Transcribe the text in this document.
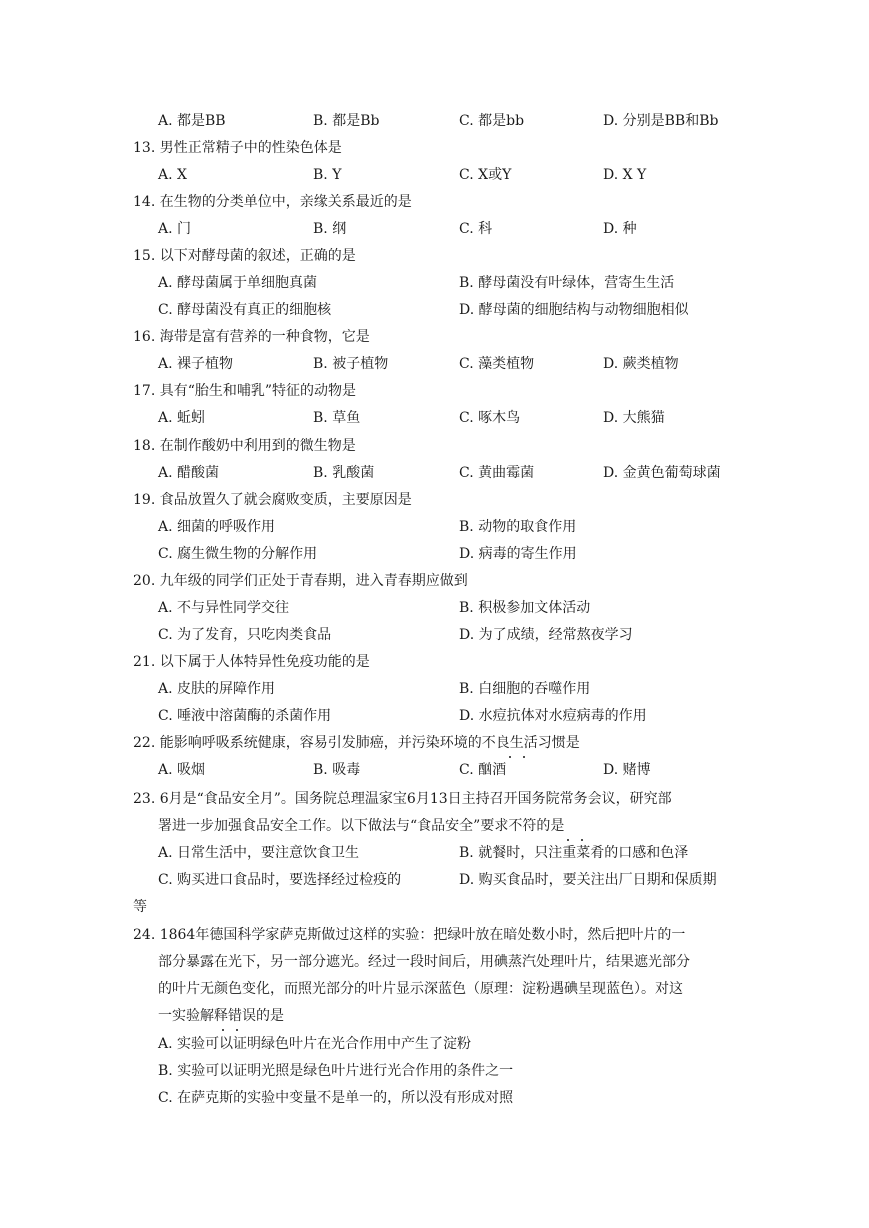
A. 都是BB	B. 都是Bb	C. 都是bb	D. 分别是BB和Bb
13. 男性正常精子中的性染色体是
A. X	B. Y	C. X或Y	D. X Y
14. 在生物的分类单位中，亲缘关系最近的是
A. 门	B. 纲	C. 科	D. 种
15. 以下对酵母菌的叙述，正确的是
A. 酵母菌属于单细胞真菌	B. 酵母菌没有叶绿体，营寄生生活
C. 酵母菌没有真正的细胞核	D. 酵母菌的细胞结构与动物细胞相似
16. 海带是富有营养的一种食物，它是
A. 裸子植物	B. 被子植物	C. 藻类植物	D. 蕨类植物
17. 具有“胎生和哺乳”特征的动物是
A. 蚯蚓	B. 草鱼	C. 啄木鸟	D. 大熊猫
18. 在制作酸奶中利用到的微生物是
A. 醋酸菌	B. 乳酸菌	C. 黄曲霉菌	D. 金黄色葡萄球菌
19. 食品放置久了就会腐败变质，主要原因是
A. 细菌的呼吸作用	B. 动物的取食作用
C. 腐生微生物的分解作用	D. 病毒的寄生作用
20. 九年级的同学们正处于青春期，进入青春期应做到
A. 不与异性同学交往	B. 积极参加文体活动
C. 为了发育，只吃肉类食品	D. 为了成绩，经常熬夜学习
21. 以下属于人体特异性免疫功能的是
A. 皮肤的屏障作用	B. 白细胞的吞噬作用
C. 唾液中溶菌酶的杀菌作用	D. 水痘抗体对水痘病毒的作用
22. 能影响呼吸系统健康，容易引发肺癌，并污染环境的不良生活习惯是
A. 吸烟	B. 吸毒	C. 酗酒	D. 赌博
23. 6月是“食品安全月”。国务院总理温家宝6月13日主持召开国务院常务会议，研究部
署进一步加强食品安全工作。以下做法与“食品安全”要求不符的是
A. 日常生活中，要注意饮食卫生	B. 就餐时，只注重菜肴的口感和色泽
C. 购买进口食品时，要选择经过检疫的	D. 购买食品时，要关注出厂日期和保质期
等
24. 1864年德国科学家萨克斯做过这样的实验：把绿叶放在暗处数小时，然后把叶片的一
部分暴露在光下，另一部分遮光。经过一段时间后，用碘蒸汽处理叶片，结果遮光部分
的叶片无颜色变化，而照光部分的叶片显示深蓝色（原理：淀粉遇碘呈现蓝色）。对这
一实验解释错误的是
A. 实验可以证明绿色叶片在光合作用中产生了淀粉
B. 实验可以证明光照是绿色叶片进行光合作用的条件之一
C. 在萨克斯的实验中变量不是单一的，所以没有形成对照
